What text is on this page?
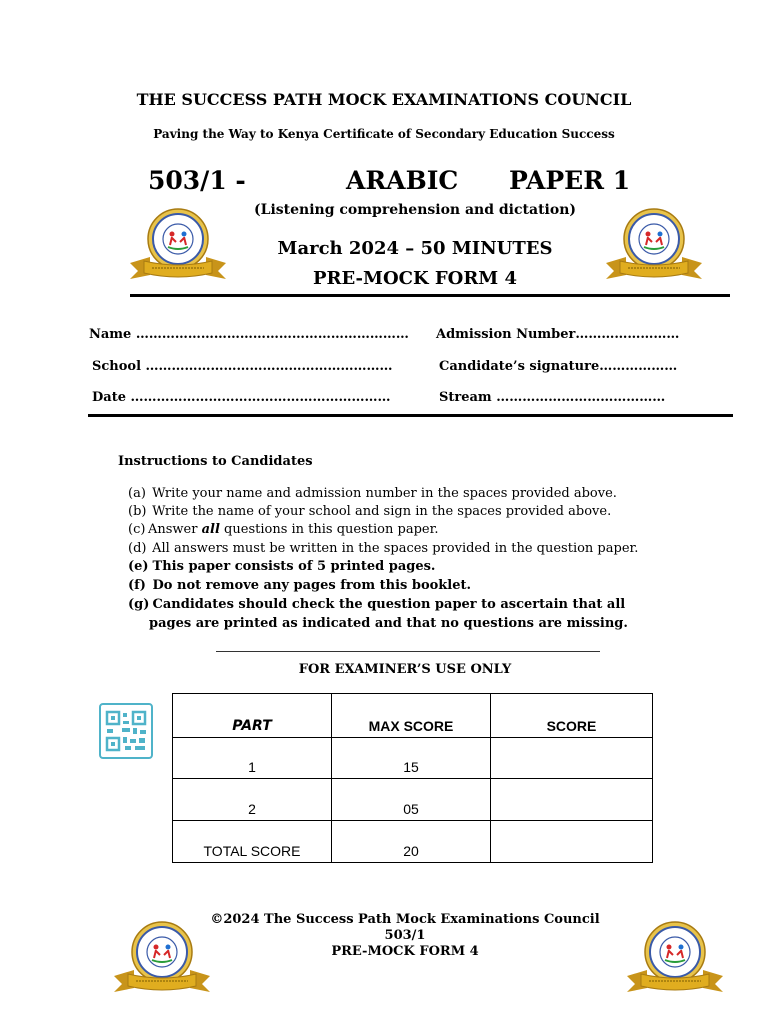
THE SUCCESS PATH MOCK EXAMINATIONS COUNCIL
Paving the Way to Kenya Certificate of Secondary Education Success
503/1 -	ARABIC PAPER 1
(Listening comprehension and dictation)
March 2024 – 50 MINUTES
PRE-MOCK FORM 4
Name ……………………………………………………… Admission Number……………………
School …………………………………………………	Candidate’s signature………………
Date ……………………………………………………	Stream …………………………………
Instructions to Candidates
(a) Write your name and admission number in the spaces provided above.
(b) Write the name of your school and sign in the spaces provided above.
(c) Answer all questions in this question paper.
(d) All answers must be written in the spaces provided in the question paper.
(e) This paper consists of 5 printed pages.
(f) Do not remove any pages from this booklet.
(g) Candidates should check the question paper to ascertain that all
pages are printed as indicated and that no questions are missing.
FOR EXAMINER’S USE ONLY
PART	MAX SCORE	SCORE
1	15	
2	05	
TOTAL SCORE	20	
©2024 The Success Path Mock Examinations Council
503/1
PRE-MOCK FORM 4
